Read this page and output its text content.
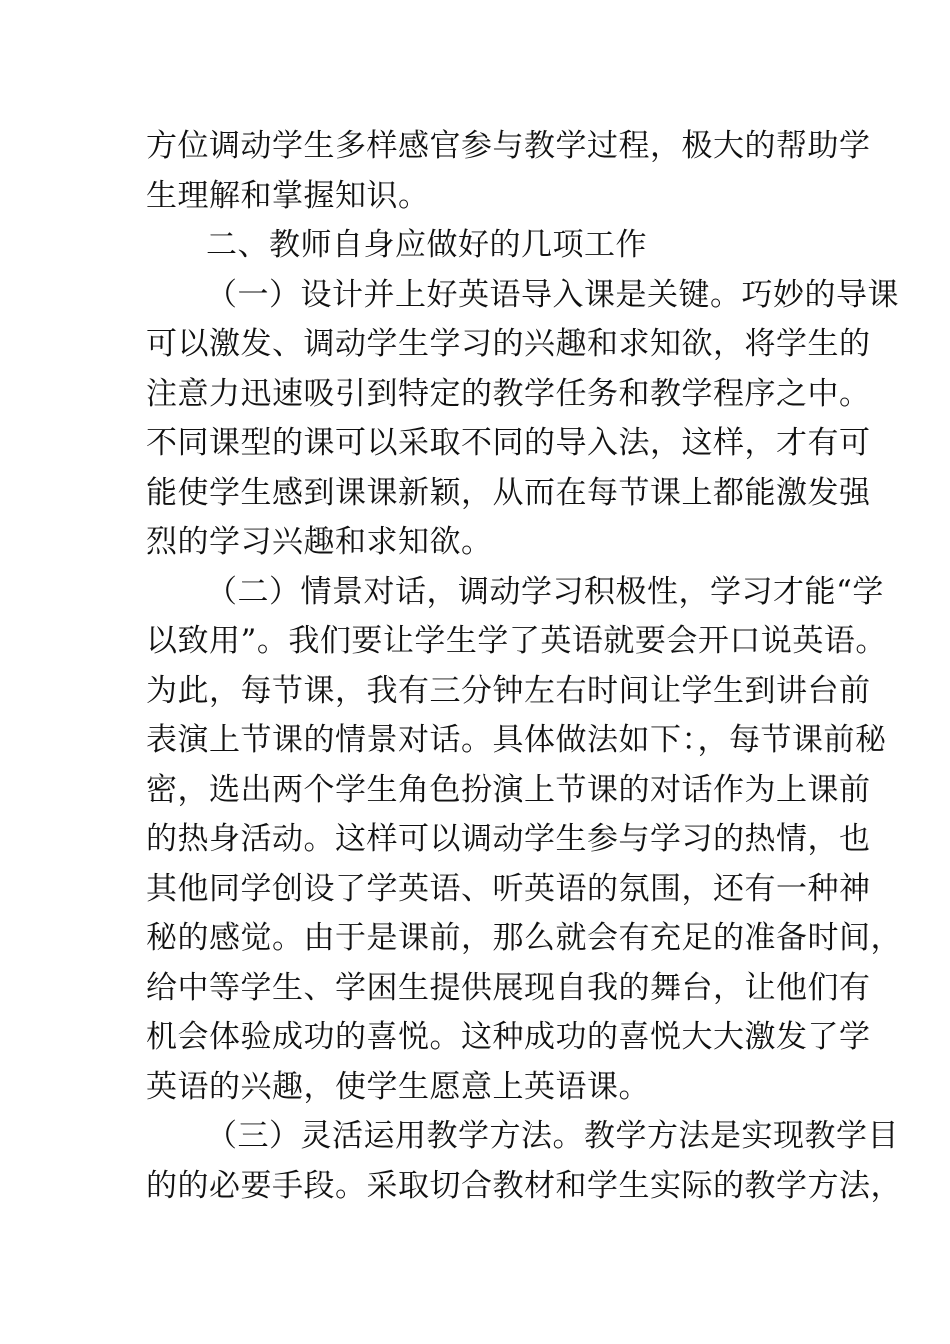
方位调动学生多样感官参与教学过程，极大的帮助学
生理解和掌握知识。
二、教师自身应做好的几项工作
（一）设计并上好英语导入课是关键。巧妙的导课
可以激发、调动学生学习的兴趣和求知欲，将学生的
注意力迅速吸引到特定的教学任务和教学程序之中。
不同课型的课可以采取不同的导入法，这样，才有可
能使学生感到课课新颖，从而在每节课上都能激发强
烈的学习兴趣和求知欲。
（二）情景对话，调动学习积极性，学习才能“学
以致用”。我们要让学生学了英语就要会开口说英语。
为此，每节课，我有三分钟左右时间让学生到讲台前
表演上节课的情景对话。具体做法如下：，每节课前秘
密，选出两个学生角色扮演上节课的对话作为上课前
的热身活动。这样可以调动学生参与学习的热情，也
其他同学创设了学英语、听英语的氛围，还有一种神
秘的感觉。由于是课前，那么就会有充足的准备时间，
给中等学生、学困生提供展现自我的舞台，让他们有
机会体验成功的喜悦。这种成功的喜悦大大激发了学
英语的兴趣，使学生愿意上英语课。
（三）灵活运用教学方法。教学方法是实现教学目
的的必要手段。采取切合教材和学生实际的教学方法，
